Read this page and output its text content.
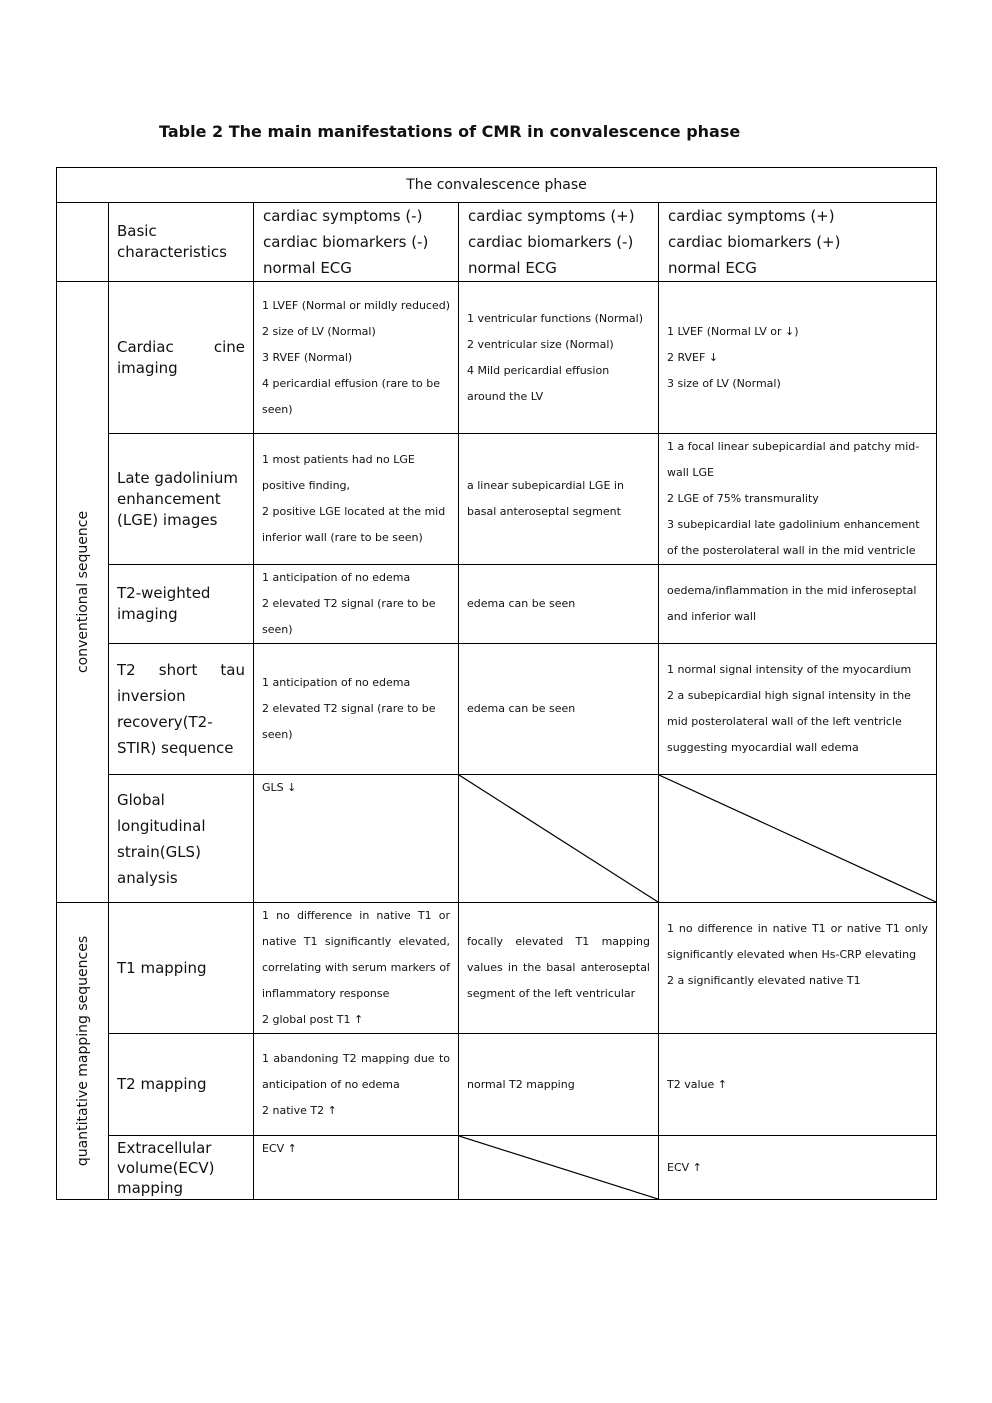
Table 2 The main manifestations of CMR in convalescence phase
The convalescence phase				
	Basic characteristics	cardiac symptoms (-)
cardiac biomarkers (-)
normal ECG	cardiac symptoms (+)
cardiac biomarkers (-)
normal ECG	cardiac symptoms (+)
cardiac biomarkers (+)
normal ECG

conventional sequence	Cardiac cine imaging	1 LVEF (Normal or mildly reduced)
2 size of LV (Normal)
3 RVEF (Normal)
4 pericardial effusion (rare to be seen)	1 ventricular functions (Normal)
2 ventricular size (Normal)
4 Mild pericardial effusion around the LV	1 LVEF (Normal LV or ↓)
2 RVEF ↓
3 size of LV (Normal)

	Late gadolinium enhancement (LGE) images	1 most patients had no LGE positive finding,
2 positive LGE located at the mid inferior wall (rare to be seen)	a linear subepicardial LGE in basal anteroseptal segment	1 a focal linear subepicardial and patchy mid-wall LGE
2 LGE of 75% transmurality
3 subepicardial late gadolinium enhancement of the posterolateral wall in the mid ventricle

	T2-weighted imaging	1 anticipation of no edema
2 elevated T2 signal (rare to be seen)	edema can be seen	oedema/inflammation in the mid inferoseptal and inferior wall

	T2 short tau inversion recovery(T2-STIR) sequence	1 anticipation of no edema
2 elevated T2 signal (rare to be seen)	edema can be seen	1 normal signal intensity of the myocardium
2 a subepicardial high signal intensity in the mid posterolateral wall of the left ventricle suggesting myocardial wall edema

	Global longitudinal strain(GLS) analysis	GLS ↓

quantitative mapping sequences	T1 mapping	1 no difference in native T1 or native T1 significantly elevated, correlating with serum markers of inflammatory response
2 global post T1 ↑	focally elevated T1 mapping values in the basal anteroseptal segment of the left ventricular	1 no difference in native T1 or native T1 only significantly elevated when Hs-CRP elevating
2 a significantly elevated native T1

	T2 mapping	1 abandoning T2 mapping due to anticipation of no edema
2 native T2 ↑	normal T2 mapping	T2 value ↑

	Extracellular volume(ECV) mapping	ECV ↑		ECV ↑
